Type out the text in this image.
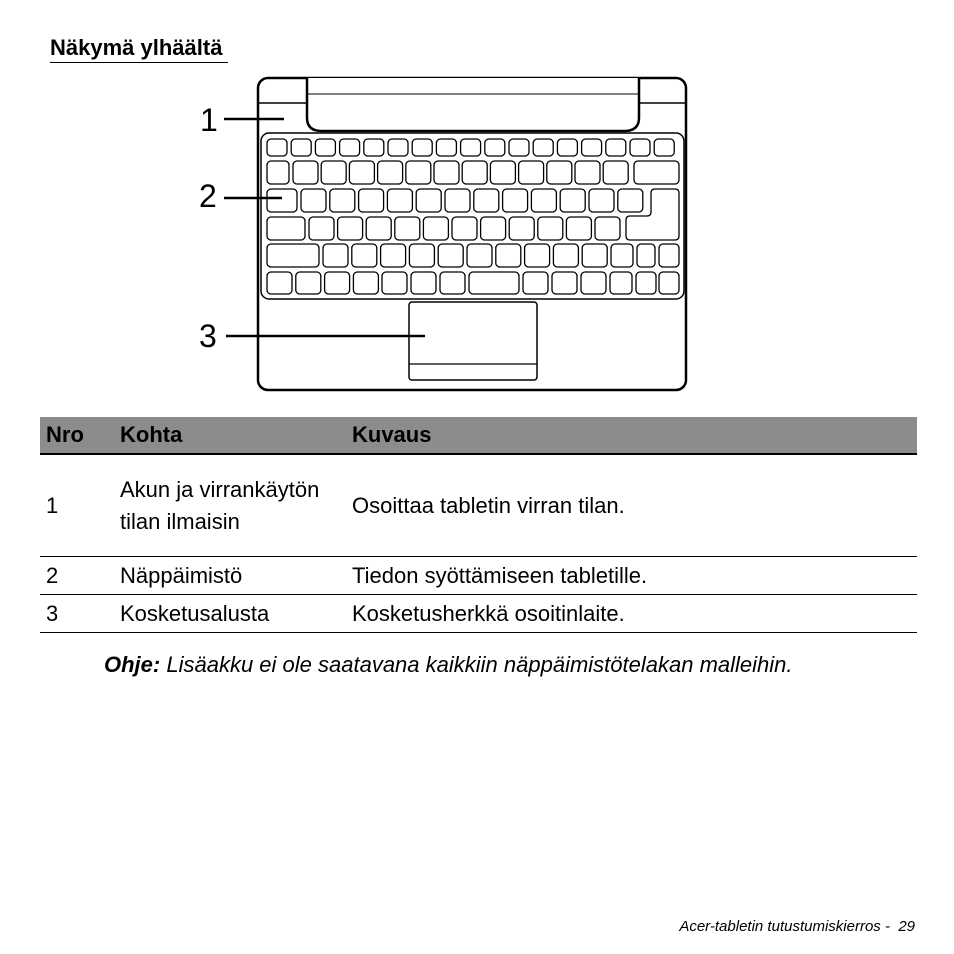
Näkymä ylhäältä
1
2
3
Nro	Kohta	Kuvaus
1	Akun ja virrankäytön tilan ilmaisin	Osoittaa tabletin virran tilan.
2	Näppäimistö	Tiedon syöttämiseen tabletille.
3	Kosketusalusta	Kosketusherkkä osoitinlaite.

Ohje: Lisäakku ei ole saatavana kaikkiin näppäimistötelakan malleihin.

Acer-tabletin tutustumiskierros - 29
